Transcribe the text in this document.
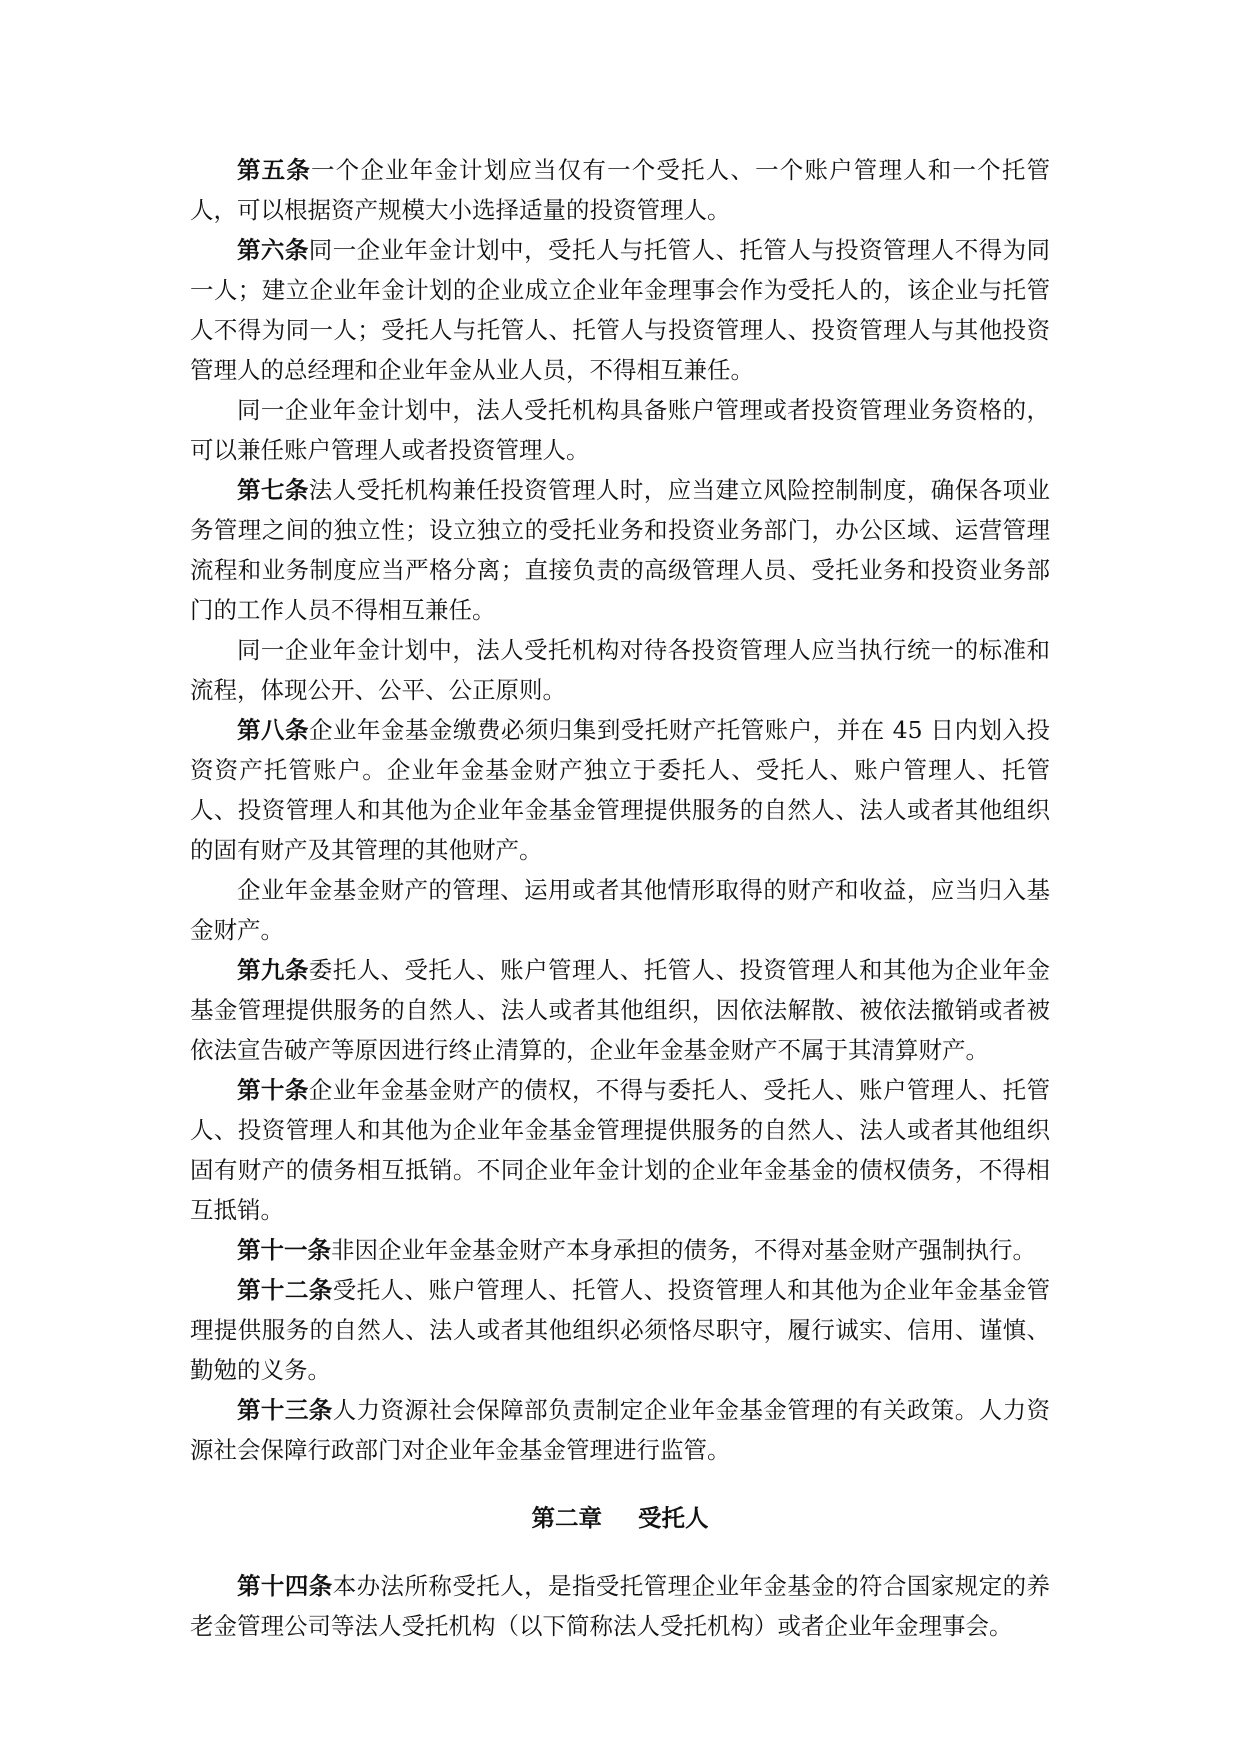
第五条一个企业年金计划应当仅有一个受托人、一个账户管理人和一个托管人，可以根据资产规模大小选择适量的投资管理人。

第六条同一企业年金计划中，受托人与托管人、托管人与投资管理人不得为同一人；建立企业年金计划的企业成立企业年金理事会作为受托人的，该企业与托管人不得为同一人；受托人与托管人、托管人与投资管理人、投资管理人与其他投资管理人的总经理和企业年金从业人员，不得相互兼任。

同一企业年金计划中，法人受托机构具备账户管理或者投资管理业务资格的，可以兼任账户管理人或者投资管理人。

第七条法人受托机构兼任投资管理人时，应当建立风险控制制度，确保各项业务管理之间的独立性；设立独立的受托业务和投资业务部门，办公区域、运营管理流程和业务制度应当严格分离；直接负责的高级管理人员、受托业务和投资业务部门的工作人员不得相互兼任。

同一企业年金计划中，法人受托机构对待各投资管理人应当执行统一的标准和流程，体现公开、公平、公正原则。

第八条企业年金基金缴费必须归集到受托财产托管账户，并在 45 日内划入投资资产托管账户。企业年金基金财产独立于委托人、受托人、账户管理人、托管人、投资管理人和其他为企业年金基金管理提供服务的自然人、法人或者其他组织的固有财产及其管理的其他财产。

企业年金基金财产的管理、运用或者其他情形取得的财产和收益，应当归入基金财产。

第九条委托人、受托人、账户管理人、托管人、投资管理人和其他为企业年金基金管理提供服务的自然人、法人或者其他组织，因依法解散、被依法撤销或者被依法宣告破产等原因进行终止清算的，企业年金基金财产不属于其清算财产。

第十条企业年金基金财产的债权，不得与委托人、受托人、账户管理人、托管人、投资管理人和其他为企业年金基金管理提供服务的自然人、法人或者其他组织固有财产的债务相互抵销。不同企业年金计划的企业年金基金的债权债务，不得相互抵销。

第十一条非因企业年金基金财产本身承担的债务，不得对基金财产强制执行。

第十二条受托人、账户管理人、托管人、投资管理人和其他为企业年金基金管理提供服务的自然人、法人或者其他组织必须恪尽职守，履行诚实、信用、谨慎、勤勉的义务。

第十三条人力资源社会保障部负责制定企业年金基金管理的有关政策。人力资源社会保障行政部门对企业年金基金管理进行监管。

第二章 受托人

第十四条本办法所称受托人，是指受托管理企业年金基金的符合国家规定的养老金管理公司等法人受托机构（以下简称法人受托机构）或者企业年金理事会。
